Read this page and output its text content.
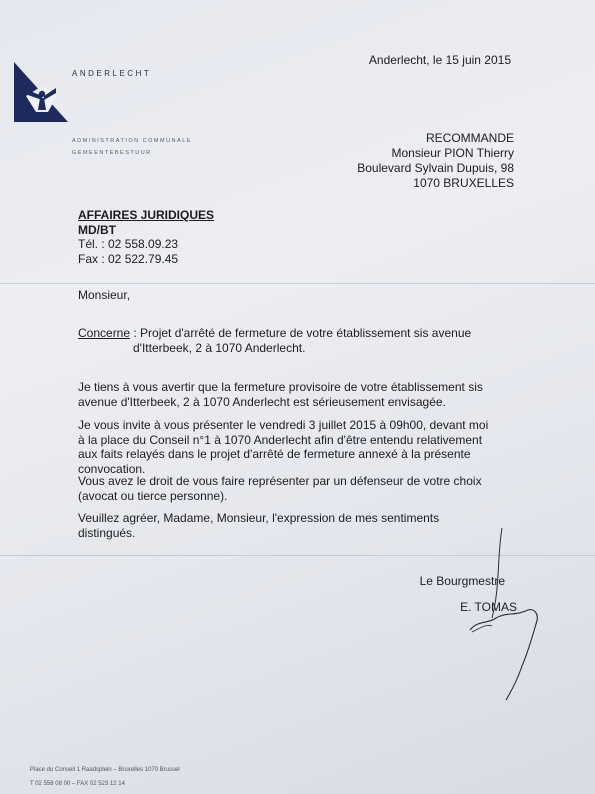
ANDERLECHT
ADMINISTRATION COMMUNALE
GEMEENTEBESTUUR
Anderlecht, le 15 juin 2015
RECOMMANDE
Monsieur PION Thierry
Boulevard Sylvain Dupuis, 98
1070 BRUXELLES
AFFAIRES JURIDIQUES
MD/BT
Tél. : 02 558.09.23
Fax : 02 522.79.45
Monsieur,
Concerne : Projet d'arrêté de fermeture de votre établissement sis avenue
d'Itterbeek, 2 à 1070 Anderlecht.
Je tiens à vous avertir que la fermeture provisoire de votre établissement sis avenue d'Itterbeek, 2 à 1070 Anderlecht est sérieusement envisagée.
Je vous invite à vous présenter le vendredi 3 juillet 2015 à 09h00, devant moi à la place du Conseil n°1 à 1070 Anderlecht afin d'être entendu relativement aux faits relayés dans le projet d'arrêté de fermeture annexé à la présente convocation.
Vous avez le droit de vous faire représenter par un défenseur de votre choix (avocat ou tierce personne).
Veuillez agréer, Madame, Monsieur, l'expression de mes sentiments distingués.
Le Bourgmestre
E. TOMAS
Place du Conseil 1 Raadsplein – Bruxelles 1070 Brussel
T 02 558 08 00 – FAX 02 523 12 14
